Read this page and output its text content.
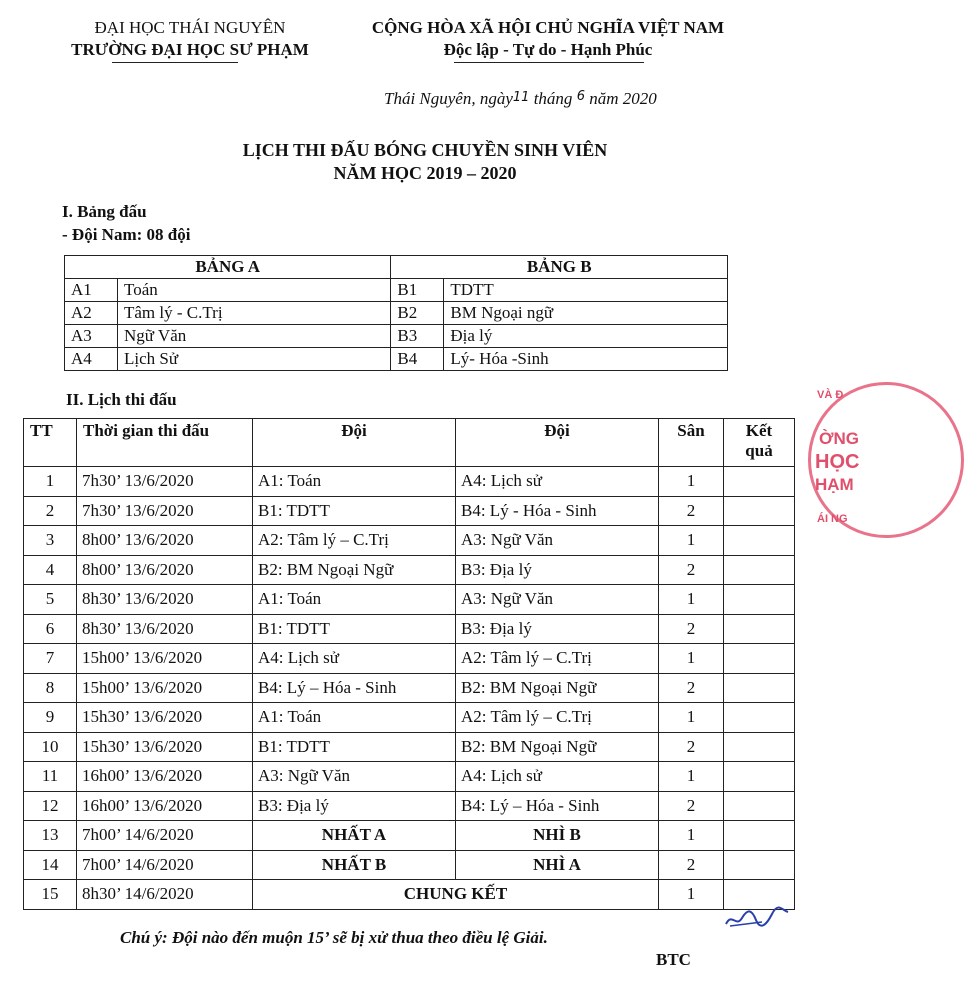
ĐẠI HỌC THÁI NGUYÊN
TRƯỜNG ĐẠI HỌC SƯ PHẠM
CỘNG HÒA XÃ HỘI CHỦ NGHĨA VIỆT NAM
Độc lập - Tự do - Hạnh Phúc
Thái Nguyên, ngày11 tháng $^6$ năm 2020
LỊCH THI ĐẤU BÓNG CHUYỀN SINH VIÊN
NĂM HỌC 2019 – 2020
I. Bảng đấu
- Đội Nam: 08 đội
BẢNG A		BẢNG B	
A1	Toán	B1	TDTT
A2	Tâm lý - C.Trị	B2	BM Ngoại ngữ
A3	Ngữ Văn	B3	Địa lý
A4	Lịch Sử	B4	Lý- Hóa -Sinh
II. Lịch thi đấu
TT	Thời gian thi đấu	Đội	Đội	Sân	Kết
quả
1	7h30’ 13/6/2020	A1: Toán	A4: Lịch sử	1	
2	7h30’ 13/6/2020	B1: TDTT	B4: Lý - Hóa - Sinh	2	
3	8h00’ 13/6/2020	A2: Tâm lý – C.Trị	A3: Ngữ Văn	1	
4	8h00’ 13/6/2020	B2: BM Ngoại Ngữ	B3: Địa lý	2	
5	8h30’ 13/6/2020	A1: Toán	A3: Ngữ Văn	1	
6	8h30’ 13/6/2020	B1: TDTT	B3: Địa lý	2	
7	15h00’ 13/6/2020	A4: Lịch sử	A2: Tâm lý – C.Trị	1	
8	15h00’ 13/6/2020	B4: Lý – Hóa - Sinh	B2: BM Ngoại Ngữ	2	
9	15h30’ 13/6/2020	A1: Toán	A2: Tâm lý – C.Trị	1	
10	15h30’ 13/6/2020	B1: TDTT	B2: BM Ngoại Ngữ	2	
11	16h00’ 13/6/2020	A3: Ngữ Văn	A4: Lịch sử	1	
12	16h00’ 13/6/2020	B3: Địa lý	B4: Lý – Hóa - Sinh	2	
13	7h00’ 14/6/2020	NHẤT A	NHÌ B	1	
14	7h00’ 14/6/2020	NHẤT B	NHÌ A	2	
15	8h30’ 14/6/2020	CHUNG KẾT		1	
Chú ý: Đội nào đến muộn 15’ sẽ bị xử thua theo điều lệ Giải.
BTC
VÀ Đ
ỜNG
HỌC
HẠM
ÁI NG
